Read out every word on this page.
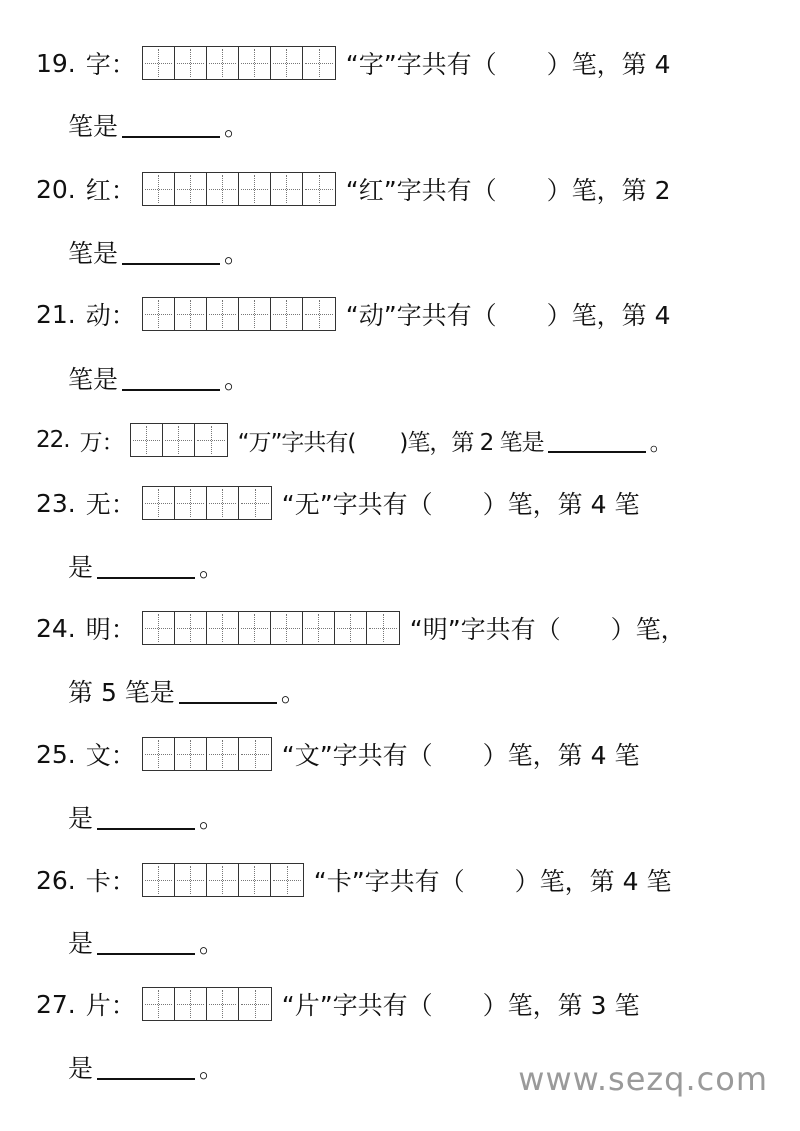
19. 字：	“字”字共有（　　）笔，第 4
笔是	。
20. 红：	“红”字共有（　　）笔，第 2
笔是	。
21. 动：	“动”字共有（　　）笔，第 4
笔是	。
22. 万：	“万”字共有(　　)笔，第 2 笔是	。
23. 无：	“无”字共有（　　）笔，第 4 笔
是	。
24. 明：	“明”字共有（　　）笔，
第 5 笔是	。
25. 文：	“文”字共有（　　）笔，第 4 笔
是	。
26. 卡：	“卡”字共有（　　）笔，第 4 笔
是	。
27. 片：	“片”字共有（　　）笔，第 3 笔
是	。	www.sezq.com
